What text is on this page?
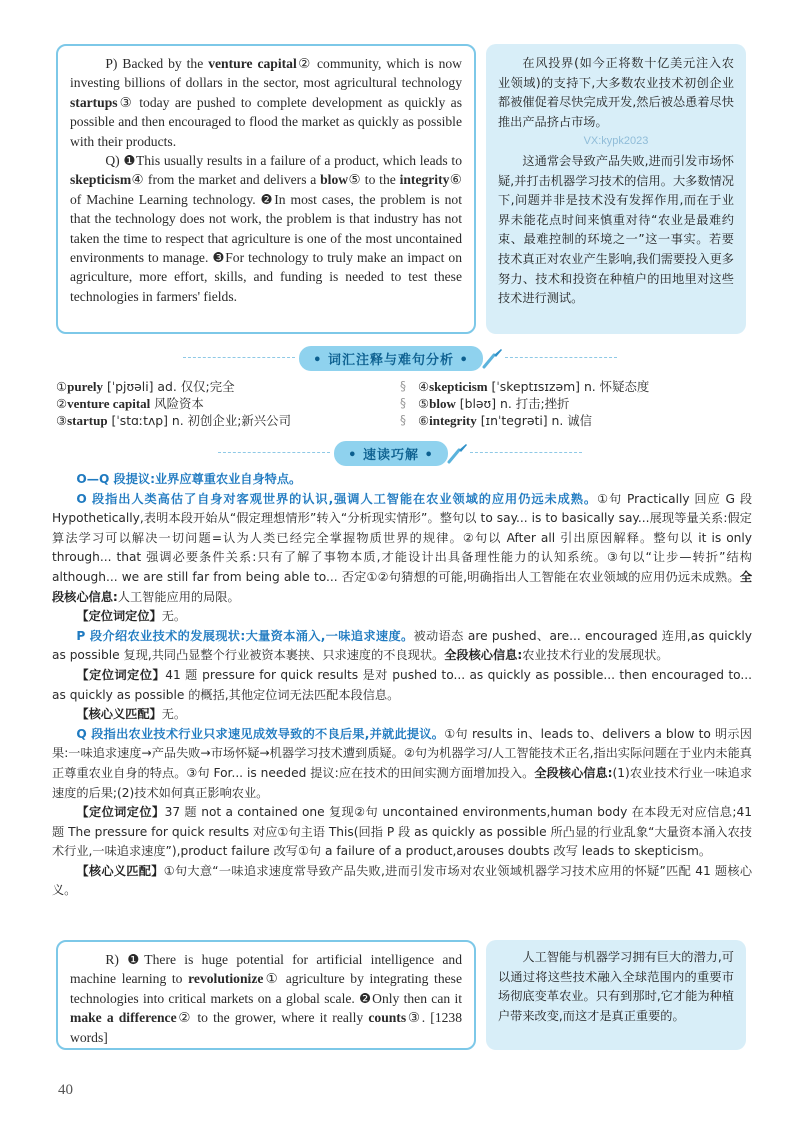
P) Backed by the venture capital② community, which is now investing billions of dollars in the sector, most agricultural technology startups③ today are pushed to complete development as quickly as possible and then encouraged to flood the market as quickly as possible with their products.

Q) ❶This usually results in a failure of a product, which leads to skepticism④ from the market and delivers a blow⑤ to the integrity⑥ of Machine Learning technology. ❷In most cases, the problem is not that the technology does not work, the problem is that industry has not taken the time to respect that agriculture is one of the most uncontained environments to manage. ❸For technology to truly make an impact on agriculture, more effort, skills, and funding is needed to test these technologies in farmers' fields.

在风投界(如今正将数十亿美元注入农业领域)的支持下,大多数农业技术初创企业都被催促着尽快完成开发,然后被怂恿着尽快推出产品挤占市场。

VX:kypk2023

这通常会导致产品失败,进而引发市场怀疑,并打击机器学习技术的信用。大多数情况下,问题并非是技术没有发挥作用,而在于业界未能花点时间来慎重对待“农业是最难约束、最难控制的环境之一”这一事实。若要技术真正对农业产生影响,我们需要投入更多努力、技术和投资在种植户的田地里对这些技术进行测试。

• 词汇注释与难句分析 •
①purely [ˈpjʊəli] ad. 仅仅;完全
②venture capital 风险资本
③startup [ˈstɑːtʌp] n. 初创企业;新兴公司
§
§
§
④skepticism [ˈskeptɪsɪzəm] n. 怀疑态度
⑤blow [bləʊ] n. 打击;挫折
⑥integrity [ɪnˈtegrəti] n. 诚信
• 速读巧解 •

O—Q 段提议:业界应尊重农业自身特点。

O 段指出人类高估了自身对客观世界的认识,强调人工智能在农业领域的应用仍远未成熟。①句 Practically 回应 G 段 Hypothetically,表明本段开始从“假定理想情形”转入“分析现实情形”。整句以 to say... is to basically say...展现等量关系:假定算法学习可以解决一切问题=认为人类已经完全掌握物质世界的规律。②句以 After all 引出原因解释。整句以 it is only through... that 强调必要条件关系:只有了解了事物本质,才能设计出具备理性能力的认知系统。③句以“让步—转折”结构 although... we are still far from being able to... 否定①②句猜想的可能,明确指出人工智能在农业领域的应用仍远未成熟。全段核心信息:人工智能应用的局限。

【定位词定位】无。

P 段介绍农业技术的发展现状:大量资本涌入,一味追求速度。被动语态 are pushed、are... encouraged 连用,as quickly as possible 复现,共同凸显整个行业被资本裹挟、只求速度的不良现状。全段核心信息:农业技术行业的发展现状。

【定位词定位】41 题 pressure for quick results 是对 pushed to... as quickly as possible... then encouraged to... as quickly as possible 的概括,其他定位词无法匹配本段信息。

【核心义匹配】无。

Q 段指出农业技术行业只求速见成效导致的不良后果,并就此提议。①句 results in、leads to、delivers a blow to 明示因果:一味追求速度→产品失败→市场怀疑→机器学习技术遭到质疑。②句为机器学习/人工智能技术正名,指出实际问题在于业内未能真正尊重农业自身的特点。③句 For... is needed 提议:应在技术的田间实测方面增加投入。全段核心信息:(1)农业技术行业一味追求速度的后果;(2)技术如何真正影响农业。

【定位词定位】37 题 not a contained one 复现②句 uncontained environments,human body 在本段无对应信息;41 题 The pressure for quick results 对应①句主语 This(回指 P 段 as quickly as possible 所凸显的行业乱象“大量资本涌入农技术行业,一味追求速度”),product failure 改写①句 a failure of a product,arouses doubts 改写 leads to skepticism。

【核心义匹配】①句大意“一味追求速度常导致产品失败,进而引发市场对农业领域机器学习技术应用的怀疑”匹配 41 题核心义。

R) ❶There is huge potential for artificial intelligence and machine learning to revolutionize① agriculture by integrating these technologies into critical markets on a global scale. ❷Only then can it make a difference② to the grower, where it really counts③. [1238 words]

人工智能与机器学习拥有巨大的潜力,可以通过将这些技术融入全球范围内的重要市场彻底变革农业。只有到那时,它才能为种植户带来改变,而这才是真正重要的。

40
